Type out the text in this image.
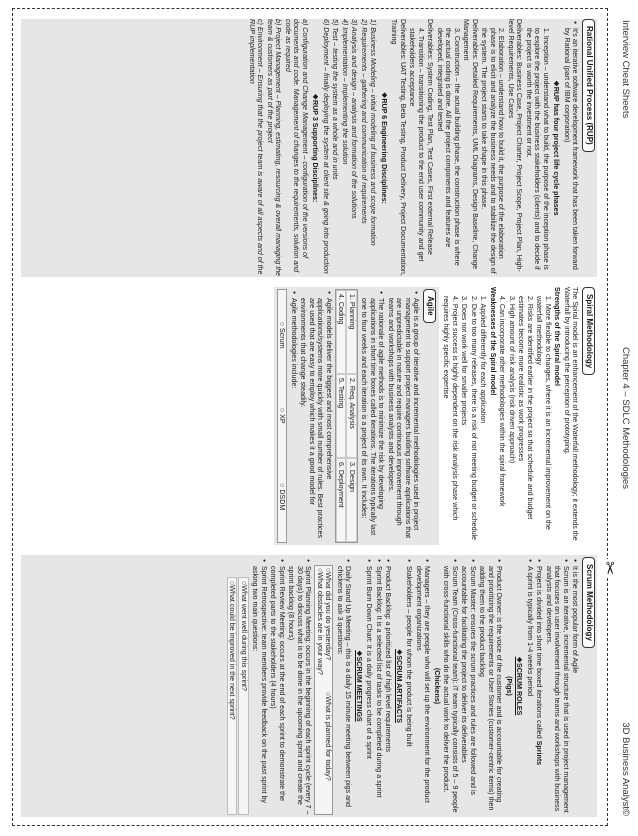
Interview Cheat Sheets
Chapter 4 – SDLC Methodologies
3D Business Analyst©
✂
Rational Unified Process (RUP)
● It's an iterative software development framework that has been taken forward by Rational (part of IBM corporation)
❖ RUP has four project life cycle phases
1. Inception – understand what to build, the purpose of the inception phase is to explore the project with the business stakeholders (clients) and to decide if the project is worth the investment or not.
Deliverables: Business Case, Project Charter, Project Scope, Project Plan, High-level Requirements, Use Cases
2. Elaboration – understand how to build it, the purpose of the elaboration phase is to elicit and analyze the business needs and to stabilize the design of the system. The project starts to take shape in this phase.
Deliverables: Detailed Requirements, UML Diagrams, Design Baseline, Change Management
3. Construction – the actual building phase, the construction phase is where the actual coding is done. All the project components and features are developed, integrated and tested
Deliverables: System Coding, Test Plan, Test Cases, First external Release
4. Transition – transitioning the product to the end user community and get stakeholders acceptance
Deliverables: UAT Testing, Beta Testing, Product Delivery, Project Documentation, Training
❖ RUP 6 Engineering Disciplines:
1) Business Modeling – initial modeling of business and scope formation
2) Requirements – gathering and communication of requirements
3) Analysis and design – analysis and formation of the solutions
4) Implementation – Implementing the solution
5) Test – testing the system as a whole and in units
6) Deployment – finally deploying the system at client site & going into production
❖ RUP 3 Supporting Disciplines:
a) Configuration and Change Management – configuration of the versions of documents and code. Management of changes to the requirements, solution and code as required
b) Project Management – Planning, estimating, resourcing & overall managing the team & customers as part of the project
c) Environment – Ensuring that the project team is aware of all aspects and of the RUP implementation
Spiral Methodology
The Spiral model is an enhancement of the Waterfall methodology; it extends the Waterfall by introducing the perception of prototyping.
Strengths of the Spiral model
1. More flexible to changes, where it is an incremental improvement on the waterfall methodology
2. Risks are identified earlier in the project so that schedule and budget estimates become more realistic as work progresses
3. High amount of risk analysis (risk driven approach)
4. Can incorporate other methodologies within the spiral framework
Weaknesses of the Spiral model
1. Applied differently for each application
2. Due to too many releases, there is a risk of not meeting budget or schedule
3. Does not work well for smaller projects
4. Project success is highly dependent on the risk analysis phase which requires highly specific expertise
Agile
● Agile is a group of iterative and incremental methodologies used in project management to support project managers building software applications that are unpredictable in nature and require continuous improvement through teams and workshops with business analysts and developers.
● The rationale of agile methods is to minimize the risk by developing applications in short time boxes called iterations. The iterations typically last one to four weeks and each iteration is a project of its own. It includes:
1. Planning
2. Req. Analysis
3. Design
4. Coding
5. Testing
6. Deployment
● Agile models deliver the biggest and most comprehensive applications/systems more quickly with small number of rules. Best practices are used that are easy to employ which makes it a good model for environments that change steadily.
● Agile methodologies include:
○ Scrum
○ XP
○ DSDM
Scrum Methodology
● It is the most popular form of Agile
● Scrum is an iterative, incremental structure that is used in project management that focuses on user involvement through teams and workshops with business analysts and developers.
● Project is divided into short time boxed iterations called Sprints
● A sprint is typically from 1-4 weeks period
❖ SCRUM ROLES
(Pigs)
● Product Owner: is the voice of the customer and is accountable for creating and prioritizing the requirements or User Stories (customer-centric items) then adding them to the product backlog
● Scrum Master: ensures the scrum practices and rules are followed and is accountable for facilitating the project to deliver its deliverables
● Scrum Team (Cross-functional team): iT team typically consists of 5 – 9 people with cross-functional skills who do the actual work to deliver the product.
(Chickens)
● Managers – they are people who will set up the environment for the product development organizations
● Stakeholders – people for whom the product is being built
❖ SCRUM ARTIFACTS
● Product Backlog: a prioritized list of high level requirements
● Sprint Backlog: It is a selected list of tasks to be completed during a sprint
● Sprint Burn Down Chart: It is a daily progress chart of a sprint
❖ SCRUM MEETINGS
● Daily Stand Up Meeting – this is a daily 15 minute meeting between pigs and chickens to ask 3 questions:
○ What did you do yesterday?
○ What is planned for today?
○ What obstacles are in your way?
● Sprint Planning Meeting: occurs in the beginning of each sprint cycle (every 7 – 30 days) to discuss what is to be done in the upcoming sprint and create the sprint backlog (8 hours)
● Sprint Review Meeting: occurs at the end of each sprint to demonstrate the completed parts to the stakeholders (4 hours)
● Sprint Retrospective: team members provide feedback on the past sprint by asking two main questions:
○ What went well during this sprint?
○ What could be improved in the next sprint?
